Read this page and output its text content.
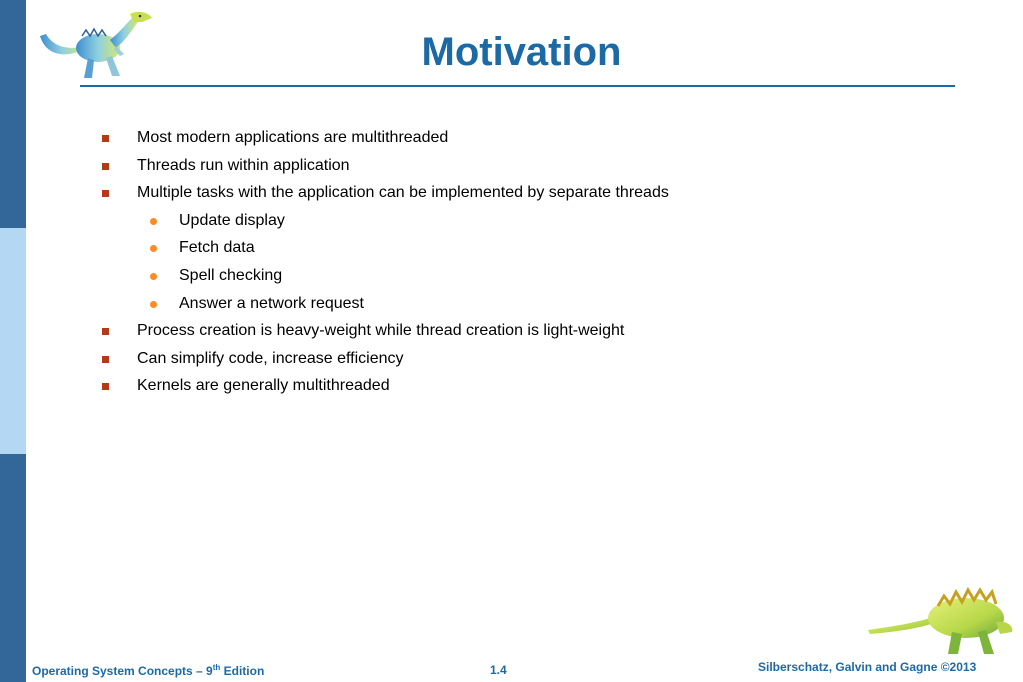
Motivation
Most modern applications are multithreaded
Threads run within application
Multiple tasks with the application can be implemented by separate threads
Update display
Fetch data
Spell checking
Answer a network request
Process creation is heavy-weight while thread creation is light-weight
Can simplify code, increase efficiency
Kernels are generally multithreaded
Operating System Concepts – 9th Edition	1.4	Silberschatz, Galvin and Gagne ©2013
